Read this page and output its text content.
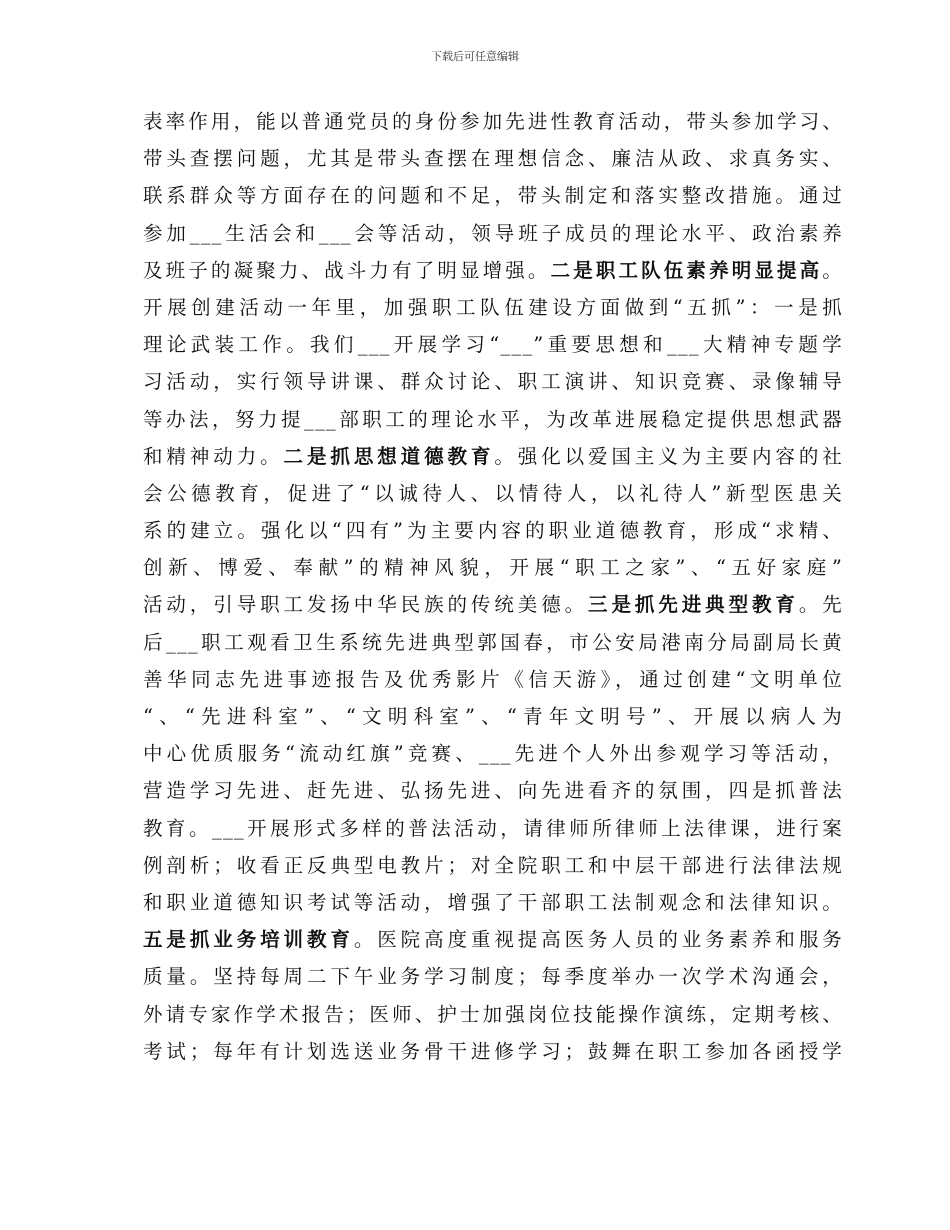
下载后可任意编辑
表率作用，能以普通党员的身份参加先进性教育活动，带头参加学习、
带头查摆问题，尤其是带头查摆在理想信念、廉洁从政、求真务实、
联系群众等方面存在的问题和不足，带头制定和落实整改措施。通过
参加___生活会和___会等活动，领导班子成员的理论水平、政治素养
及班子的凝聚力、战斗力有了明显增强。二是职工队伍素养明显提高。
开展创建活动一年里，加强职工队伍建设方面做到“五抓”：一是抓
理论武装工作。我们___开展学习“___”重要思想和___大精神专题学
习活动，实行领导讲课、群众讨论、职工演讲、知识竞赛、录像辅导
等办法，努力提___部职工的理论水平，为改革进展稳定提供思想武器
和精神动力。二是抓思想道德教育。强化以爱国主义为主要内容的社
会公德教育，促进了“以诚待人、以情待人，以礼待人”新型医患关
系的建立。强化以“四有”为主要内容的职业道德教育，形成“求精、
创新、博爱、奉献”的精神风貌，开展“职工之家”、“五好家庭”
活动，引导职工发扬中华民族的传统美德。三是抓先进典型教育。先
后___职工观看卫生系统先进典型郭国春，市公安局港南分局副局长黄
善华同志先进事迹报告及优秀影片《信天游》，通过创建“文明单位
“、“先进科室”、“文明科室”、“青年文明号”、开展以病人为
中心优质服务“流动红旗”竞赛、___先进个人外出参观学习等活动，
营造学习先进、赶先进、弘扬先进、向先进看齐的氛围，四是抓普法
教育。___开展形式多样的普法活动，请律师所律师上法律课，进行案
例剖析；收看正反典型电教片；对全院职工和中层干部进行法律法规
和职业道德知识考试等活动，增强了干部职工法制观念和法律知识。
五是抓业务培训教育。医院高度重视提高医务人员的业务素养和服务
质量。坚持每周二下午业务学习制度；每季度举办一次学术沟通会，
外请专家作学术报告；医师、护士加强岗位技能操作演练，定期考核、
考试；每年有计划选送业务骨干进修学习；鼓舞在职工参加各函授学
